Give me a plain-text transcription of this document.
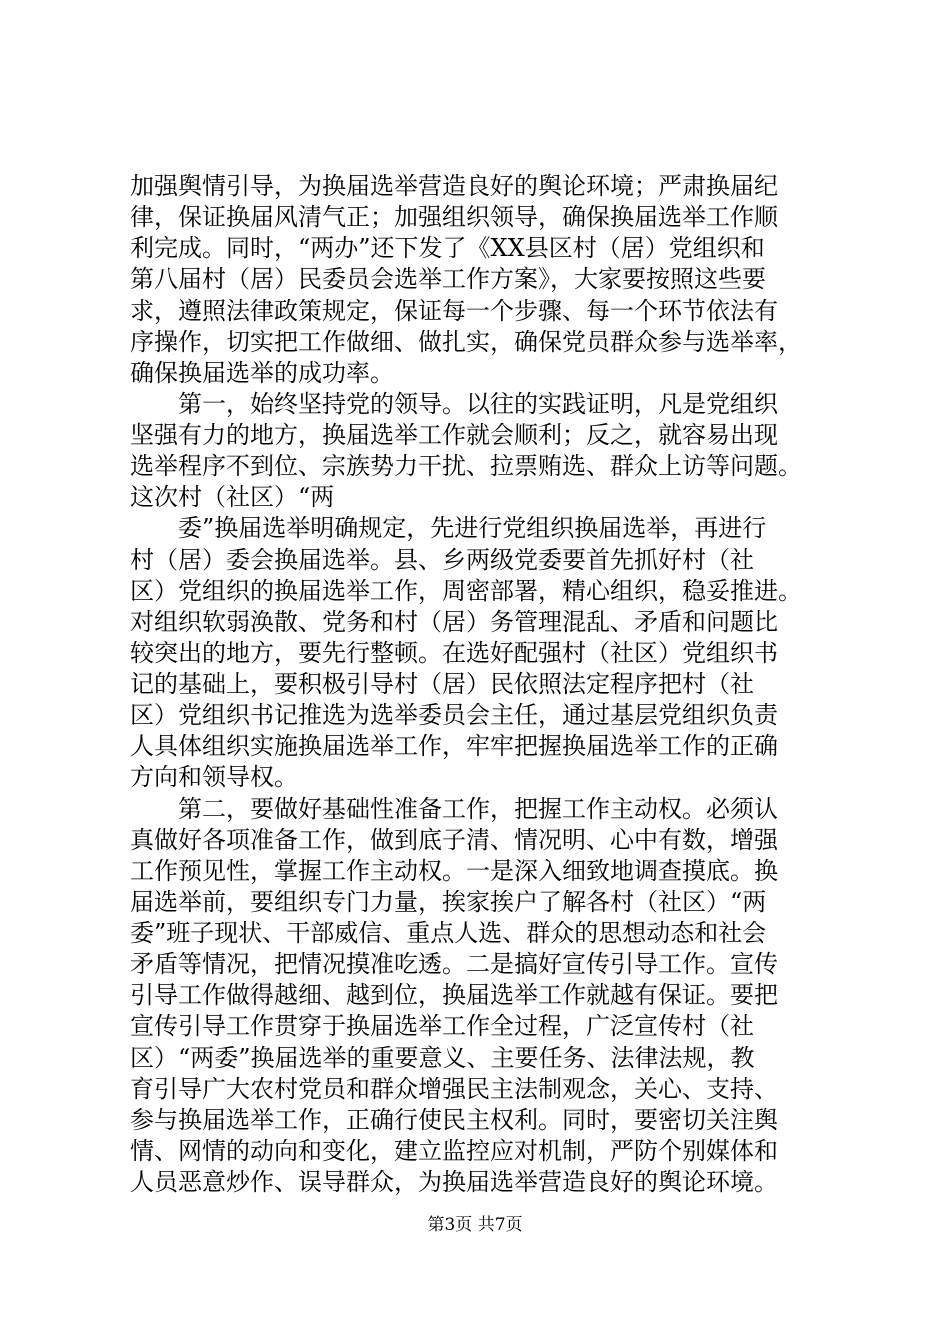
加强舆情引导，为换届选举营造良好的舆论环境；严肃换届纪
律，保证换届风清气正；加强组织领导，确保换届选举工作顺
利完成。同时，“两办”还下发了《XX县区村（居）党组织和
第八届村（居）民委员会选举工作方案》，大家要按照这些要
求，遵照法律政策规定，保证每一个步骤、每一个环节依法有
序操作，切实把工作做细、做扎实，确保党员群众参与选举率，
确保换届选举的成功率。
　　第一，始终坚持党的领导。以往的实践证明，凡是党组织
坚强有力的地方，换届选举工作就会顺利；反之，就容易出现
选举程序不到位、宗族势力干扰、拉票贿选、群众上访等问题。
这次村（社区）“两
　　委”换届选举明确规定，先进行党组织换届选举，再进行
村（居）委会换届选举。县、乡两级党委要首先抓好村（社
区）党组织的换届选举工作，周密部署，精心组织，稳妥推进。
对组织软弱涣散、党务和村（居）务管理混乱、矛盾和问题比
较突出的地方，要先行整顿。在选好配强村（社区）党组织书
记的基础上，要积极引导村（居）民依照法定程序把村（社
区）党组织书记推选为选举委员会主任，通过基层党组织负责
人具体组织实施换届选举工作，牢牢把握换届选举工作的正确
方向和领导权。
　　第二，要做好基础性准备工作，把握工作主动权。必须认
真做好各项准备工作，做到底子清、情况明、心中有数，增强
工作预见性，掌握工作主动权。一是深入细致地调查摸底。换
届选举前，要组织专门力量，挨家挨户了解各村（社区）“两
委”班子现状、干部威信、重点人选、群众的思想动态和社会
矛盾等情况，把情况摸准吃透。二是搞好宣传引导工作。宣传
引导工作做得越细、越到位，换届选举工作就越有保证。要把
宣传引导工作贯穿于换届选举工作全过程，广泛宣传村（社
区）“两委”换届选举的重要意义、主要任务、法律法规，教
育引导广大农村党员和群众增强民主法制观念，关心、支持、
参与换届选举工作，正确行使民主权利。同时，要密切关注舆
情、网情的动向和变化，建立监控应对机制，严防个别媒体和
人员恶意炒作、误导群众，为换届选举营造良好的舆论环境。
第3页 共7页
